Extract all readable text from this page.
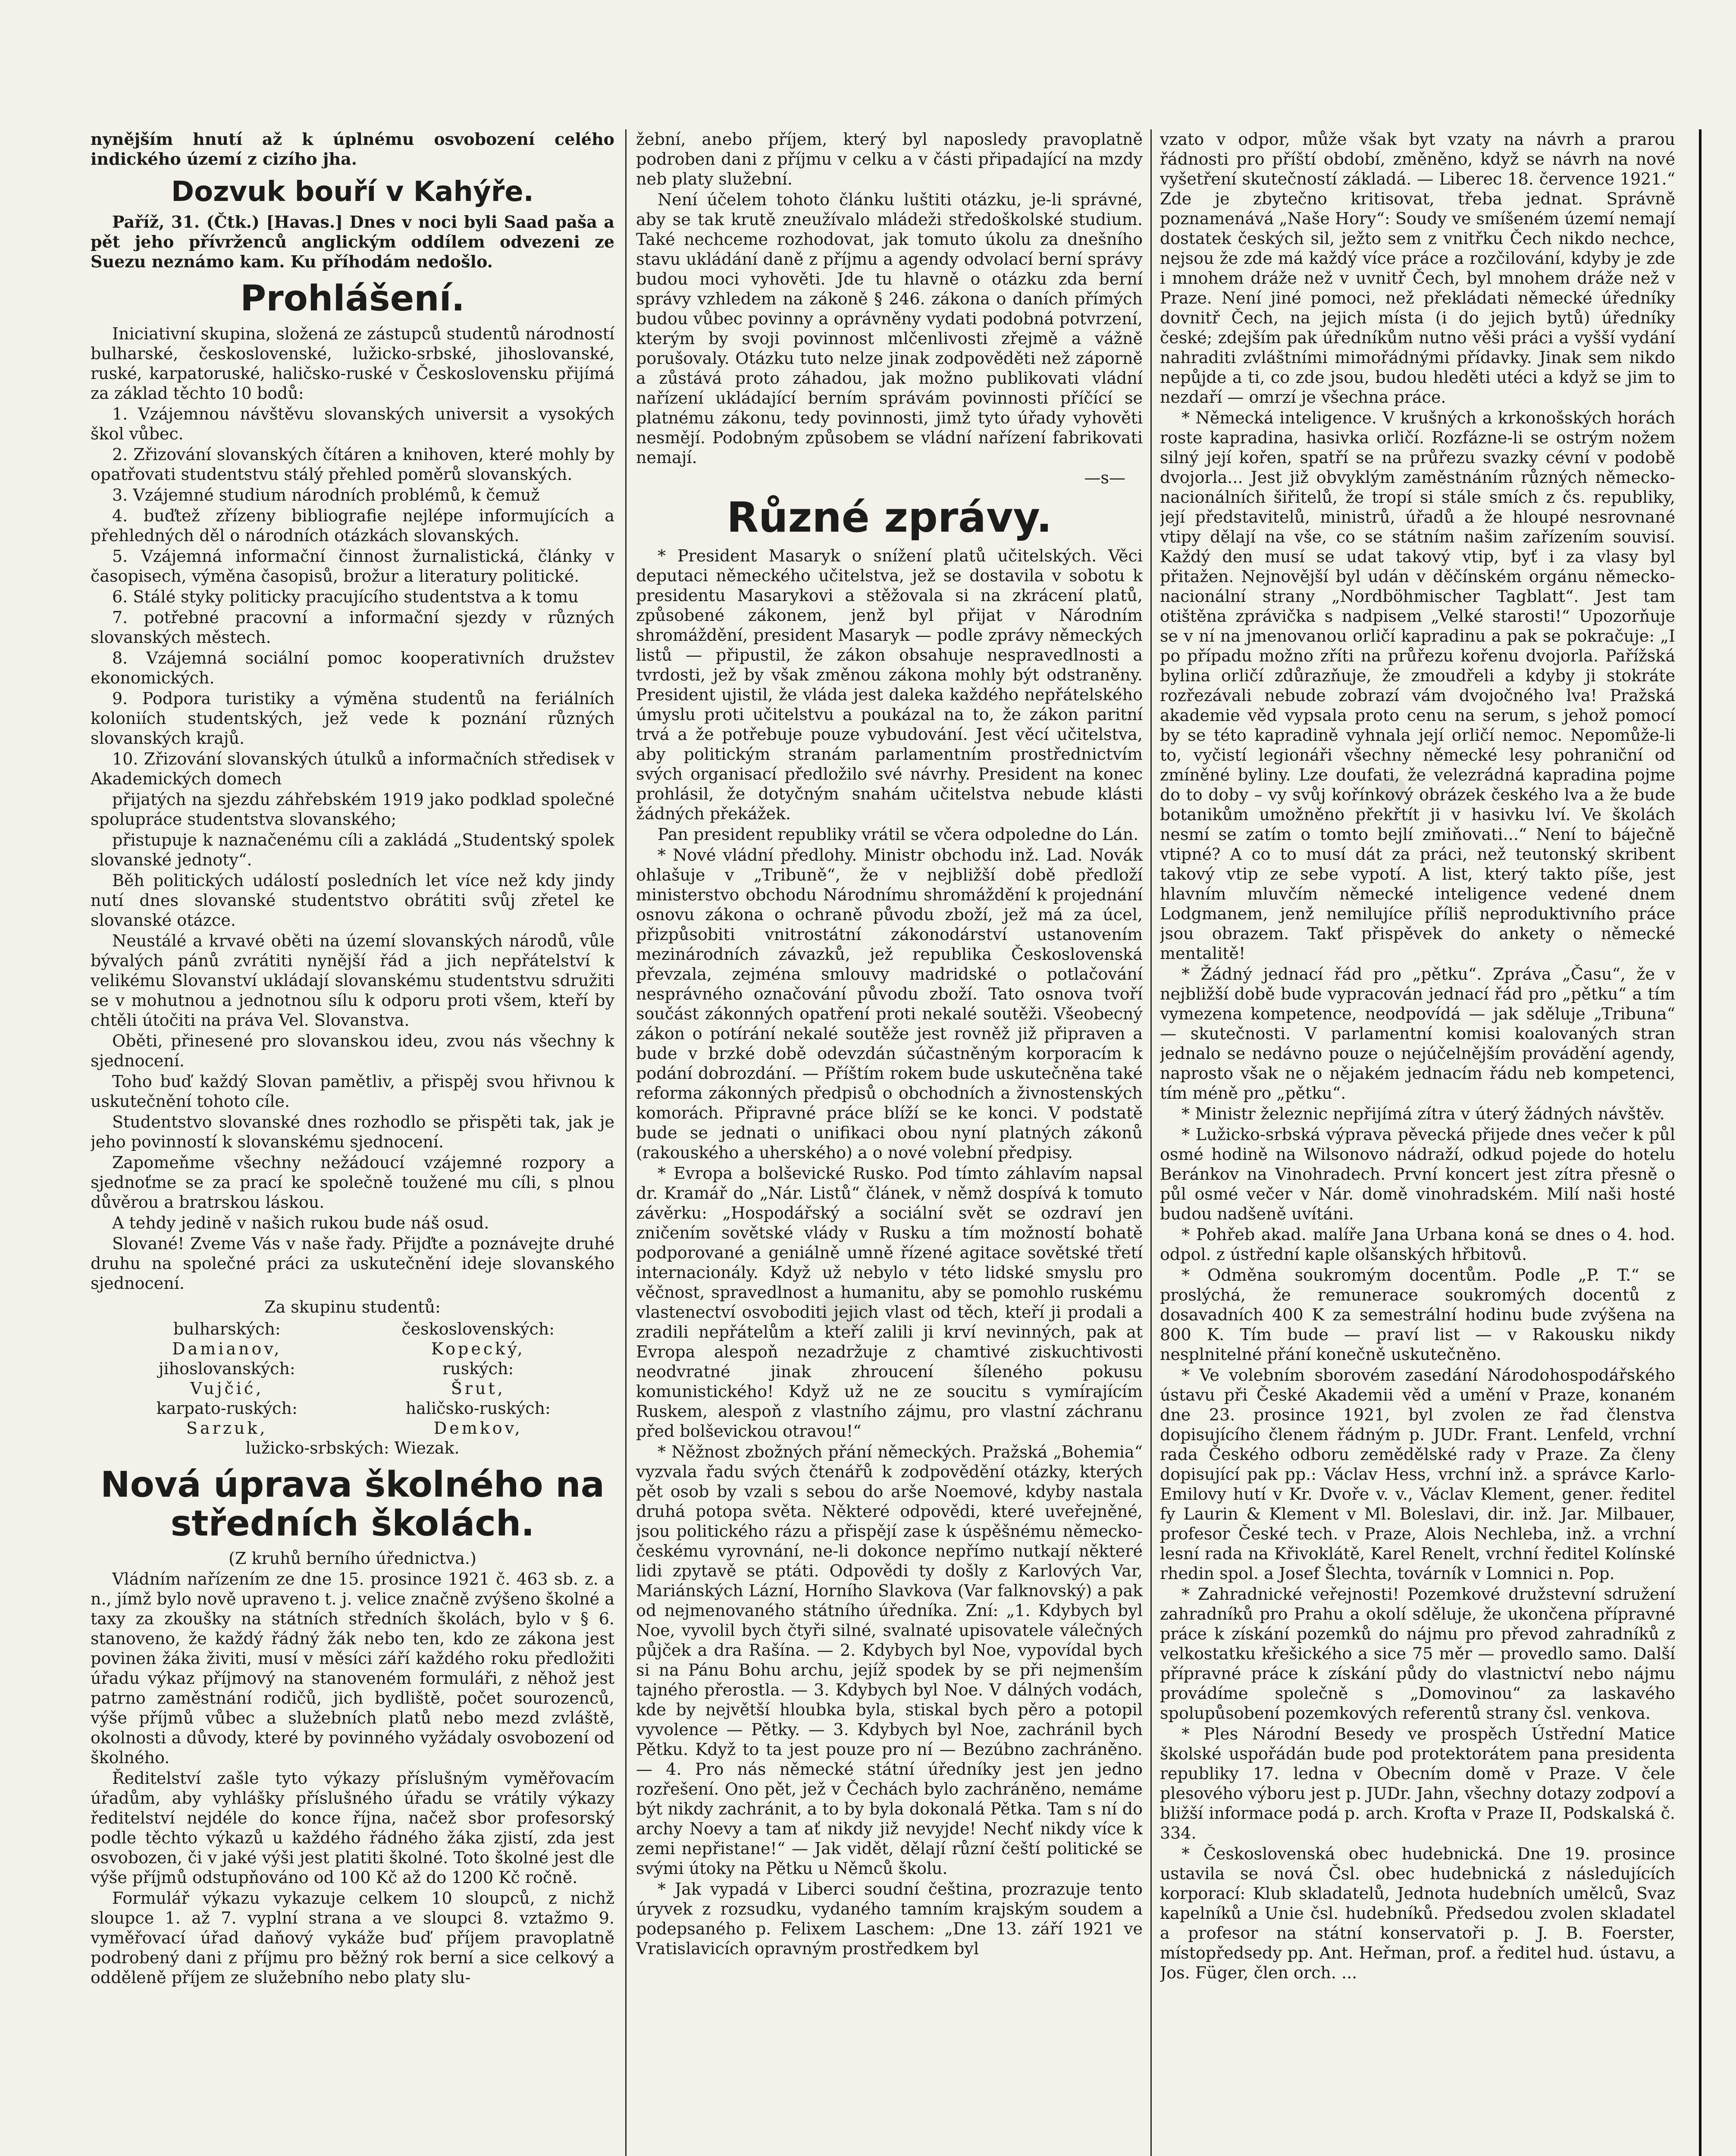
nynějším hnutí až k úplnému osvobození celého indického území z cizího jha.

Dozvuk bouří v Kahýře.

Paříž, 31. (Čtk.) [Havas.] Dnes v noci byli Saad paša a pět jeho přívrženců anglickým oddílem odvezeni ze Suezu neznámo kam. Ku příhodám nedošlo.

Prohlášení.

Iniciativní skupina, složená ze zástupců studentů národností bulharské, československé, lužicko-srbské, jihoslovanské, ruské, karpatoruské, haličsko-ruské v Československu přijímá za základ těchto 10 bodů:

1. Vzájemnou návštěvu slovanských universit a vysokých škol vůbec.

2. Zřizování slovanských čítáren a knihoven, které mohly by opatřovati studentstvu stálý přehled poměrů slovanských.

3. Vzájemné studium národních problémů, k čemuž

4. buďtež zřízeny bibliografie nejlépe informujících a přehledných děl o národních otázkách slovanských.

5. Vzájemná informační činnost žurnalistická, články v časopisech, výměna časopisů, brožur a literatury politické.

6. Stálé styky politicky pracujícího studentstva a k tomu

7. potřebné pracovní a informační sjezdy v různých slovanských městech.

8. Vzájemná sociální pomoc kooperativních družstev ekonomických.

9. Podpora turistiky a výměna studentů na feriálních koloniích studentských, jež vede k poznání různých slovanských krajů.

10. Zřizování slovanských útulků a informačních středisek v Akademických domech

přijatých na sjezdu záhřebském 1919 jako podklad společné spolupráce studentstva slovanského;

přistupuje k naznačenému cíli a zakládá „Studentský spolek slovanské jednoty“.

Běh politických událostí posledních let více než kdy jindy nutí dnes slovanské studentstvo obrátiti svůj zřetel ke slovanské otázce.

Neustálé a krvavé oběti na území slovanských národů, vůle bývalých pánů zvrátiti nynější řád a jich nepřátelství k velikému Slovanství ukládají slovanskému studentstvu sdružiti se v mohutnou a jednotnou sílu k odporu proti všem, kteří by chtěli útočiti na práva Vel. Slovanstva.

Oběti, přinesené pro slovanskou ideu, zvou nás všechny k sjednocení.

Toho buď každý Slovan pamětliv, a přispěj svou hřivnou k uskutečnění tohoto cíle.

Studentstvo slovanské dnes rozhodlo se přispěti tak, jak je jeho povinností k slovanskému sjednocení.

Zapomeňme všechny nežádoucí vzájemné rozpory a sjednoťme se za prací ke společně toužené mu cíli, s plnou důvěrou a bratrskou láskou.

A tehdy jedině v našich rukou bude náš osud.

Slované! Zveme Vás v naše řady. Přijďte a poznávejte druhé druhu na společné práci za uskutečnění ideje slovanského sjednocení.

Za skupinu studentů:
bulharských:	československých:
Damianov,	Kopecký,
jihoslovanských:	ruských:
Vujčić,	Šrut,
karpato-ruských:	haličsko-ruských:
Sarzuk,	Demkov,
lužicko-srbských: Wiezak.
Nová úprava školného na středních školách.

(Z kruhů berního úřednictva.)

Vládním nařízením ze dne 15. prosince 1921 č. 463 sb. z. a n., jímž bylo nově upraveno t. j. velice značně zvýšeno školné a taxy za zkoušky na státních středních školách, bylo v § 6. stanoveno, že každý řádný žák nebo ten, kdo ze zákona jest povinen žáka živiti, musí v měsíci září každého roku předložiti úřadu výkaz příjmový na stanoveném formuláři, z něhož jest patrno zaměstnání rodičů, jich bydliště, počet sourozenců, výše příjmů vůbec a služebních platů nebo mezd zvláště, okolnosti a důvody, které by povinného vyžádaly osvobození od školného.

Ředitelství zašle tyto výkazy příslušným vyměřovacím úřadům, aby vyhlášky příslušného úřadu se vrátily výkazy ředitelství nejdéle do konce října, načež sbor profesorský podle těchto výkazů u každého řádného žáka zjistí, zda jest osvobozen, či v jaké výši jest platiti školné. Toto školné jest dle výše příjmů odstupňováno od 100 Kč až do 1200 Kč ročně.

Formulář výkazu vykazuje celkem 10 sloupců, z nichž sloupce 1. až 7. vyplní strana a ve sloupci 8. vztažmo 9. vyměřovací úřad daňový vykáže buď příjem pravoplatně podrobený dani z příjmu pro běžný rok berní a sice celkový a odděleně příjem ze služebního nebo platy slu-

žební, anebo příjem, který byl naposledy pravoplatně podroben dani z příjmu v celku a v části připadající na mzdy neb platy služební.

Není účelem tohoto článku luštiti otázku, je-li správné, aby se tak krutě zneužívalo mládeži středoškolské studium. Také nechceme rozhodovat, jak tomuto úkolu za dnešního stavu ukládání daně z příjmu a agendy odvolací berní správy budou moci vyhověti. Jde tu hlavně o otázku zda berní správy vzhledem na zákoně § 246. zákona o daních přímých budou vůbec povinny a oprávněny vydati podobná potvrzení, kterým by svoji povinnost mlčenlivosti zřejmě a vážně porušovaly. Otázku tuto nelze jinak zodpověděti než záporně a zůstává proto záhadou, jak možno publikovati vládní nařízení ukládající berním správám povinnosti příčící se platnému zákonu, tedy povinnosti, jimž tyto úřady vyhověti nesmějí. Podobným způsobem se vládní nařízení fabrikovati nemají.

—s—
Různé zprávy.

* President Masaryk o snížení platů učitelských. Věci deputaci německého učitelstva, jež se dostavila v sobotu k presidentu Masarykovi a stěžovala si na zkrácení platů, způsobené zákonem, jenž byl přijat v Národním shromáždění, president Masaryk — podle zprávy německých listů — připustil, že zákon obsahuje nespravedlnosti a tvrdosti, jež by však změnou zákona mohly být odstraněny. President ujistil, že vláda jest daleka každého nepřátelského úmyslu proti učitelstvu a poukázal na to, že zákon paritní trvá a že potřebuje pouze vybudování. Jest věcí učitelstva, aby politickým stranám parlamentním prostřednictvím svých organisací předložilo své návrhy. President na konec prohlásil, že dotyčným snahám učitelstva nebude klásti žádných překážek.

Pan president republiky vrátil se včera odpoledne do Lán.

* Nové vládní předlohy. Ministr obchodu inž. Lad. Novák ohlašuje v „Tribuně“, že v nejbližší době předloží ministerstvo obchodu Národnímu shromáždění k projednání osnovu zákona o ochraně původu zboží, jež má za úcel, přizpůsobiti vnitrostátní zákonodárství ustanovením mezinárodních závazků, jež republika Československá převzala, zejména smlouvy madridské o potlačování nesprávného označování původu zboží. Tato osnova tvoří součást zákonných opatření proti nekalé soutěži. Všeobecný zákon o potírání nekalé soutěže jest rovněž již připraven a bude v brzké době odevzdán súčastněným korporacím k podání dobrozdání. — Příštím rokem bude uskutečněna také reforma zákonných předpisů o obchodních a živnostenských komorách. Připravné práce blíží se ke konci. V podstatě bude se jednati o unifikaci obou nyní platných zákonů (rakouského a uherského) a o nové volební předpisy.

* Evropa a bolševické Rusko. Pod tímto záhlavím napsal dr. Kramář do „Nár. Listů“ článek, v němž dospívá k tomuto závěrku: „Hospodářský a sociální svět se ozdraví jen zničením sovětské vlády v Rusku a tím možností bohatě podporované a geniálně umně řízené agitace sovětské třetí internacionály. Když už nebylo v této lidské smyslu pro věčnost, spravedlnost a humanitu, aby se pomohlo ruskému vlastenectví osvoboditi jejich vlast od těch, kteří ji prodali a zradili nepřátelům a kteří zalili ji krví nevinných, pak at Evropa alespoň nezadržuje z chamtivé ziskuchtivosti neodvratné jinak zhroucení šíleného pokusu komunistického! Když už ne ze soucitu s vymírajícím Ruskem, alespoň z vlastního zájmu, pro vlastní záchranu před bolševickou otravou!“

* Něžnost zbožných přání německých. Pražská „Bohemia“ vyzvala řadu svých čtenářů k zodpovědění otázky, kterých pět osob by vzali s sebou do arše Noemové, kdyby nastala druhá potopa světa. Některé odpovědi, které uveřejněné, jsou politického rázu a přispějí zase k úspěšnému německo-českému vyrovnání, ne-li dokonce nepřímo nutkají některé lidi zpytavě se ptáti. Odpovědi ty došly z Karlových Var, Mariánských Lázní, Horního Slavkova (Var falknovský) a pak od nejmenovaného státního úředníka. Zní: „1. Kdybych byl Noe, vyvolil bych čtyři silné, svalnaté upisovatele válečných půjček a dra Rašína. — 2. Kdybych byl Noe, vypovídal bych si na Pánu Bohu archu, jejíž spodek by se při nejmenším tajného přerostla. — 3. Kdybych byl Noe. V dálných vodách, kde by největší hloubka byla, stiskal bych pěro a potopil vyvolence — Pětky. — 3. Kdybych byl Noe, zachránil bych Pětku. Když to ta jest pouze pro ní — Bezúbno zachráněno. — 4. Pro nás německé státní úředníky jest jen jedno rozřešení. Ono pět, jež v Čechách bylo zachráněno, nemáme být nikdy zachránit, a to by byla dokonalá Pětka. Tam s ní do archy Noevy a tam ať nikdy již nevyjde! Nechť nikdy více k zemi nepřistane!“ — Jak vidět, dělají různí čeští politické se svými útoky na Pětku u Němců školu.

* Jak vypadá v Liberci soudní čeština, prozrazuje tento úryvek z rozsudku, vydaného tamním krajským soudem a podepsaného p. Felixem Laschem: „Dne 13. září 1921 ve Vratislavicích opravným prostředkem byl

vzato v odpor, může však byt vzaty na návrh a prarou řádnosti pro příští období, změněno, když se návrh na nové vyšetření skutečností základá. — Liberec 18. července 1921.“ Zde je zbytečno kritisovat, třeba jednat. Správně poznamenává „Naše Hory“: Soudy ve smíšeném území nemají dostatek českých sil, ježto sem z vnitřku Čech nikdo nechce, nejsou že zde má každý více práce a rozčilování, kdyby je zde i mnohem dráže než v uvnitř Čech, byl mnohem dráže než v Praze. Není jiné pomoci, než překládati německé úředníky dovnitř Čech, na jejich místa (i do jejich bytů) úředníky české; zdejším pak úředníkům nutno věši práci a vyšší vydání nahraditi zvláštními mimořádnými přídavky. Jinak sem nikdo nepůjde a ti, co zde jsou, budou hleděti utéci a když se jim to nezdaří — omrzí je všechna práce.

* Německá inteligence. V krušných a krkonošských horách roste kapradina, hasivka orličí. Rozfázne-li se ostrým nožem silný její kořen, spatří se na průřezu svazky cévní v podobě dvojorla... Jest již obvyklým zaměstnáním různých německo-nacionálních šiřitelů, že tropí si stále smích z čs. republiky, její představitelů, ministrů, úřadů a že hloupé nesrovnané vtipy dělají na vše, co se státním našim zařízením souvisí. Každý den musí se udat takový vtip, byť i za vlasy byl přitažen. Nejnovější byl udán v děčínském orgánu německo-nacionální strany „Nordböhmischer Tagblatt“. Jest tam otištěna zprávička s nadpisem „Velké starosti!“ Upozorňuje se v ní na jmenovanou orličí kapradinu a pak se pokračuje: „I po případu možno zříti na průřezu kořenu dvojorla. Pařížská bylina orličí zdůrazňuje, že zmoudřeli a kdyby ji stokráte rozřezávali nebude zobrazí vám dvojočného lva! Pražská akademie věd vypsala proto cenu na serum, s jehož pomocí by se této kapradině vyhnala její orličí nemoc. Nepomůže-li to, vyčistí legionáři všechny německé lesy pohraniční od zmíněné byliny. Lze doufati, že velezrádná kapradina pojme do to doby – vy svůj kořínkový obrázek českého lva a že bude botanikům umožněno překřtít ji v hasivku lví. Ve školách nesmí se zatím o tomto bejlí zmiňovati...“ Není to báječně vtipné? A co to musí dát za práci, než teutonský skribent takový vtip ze sebe vypotí. A list, který takto píše, jest hlavním mluvčím německé inteligence vedené dnem Lodgmanem, jenž nemilujíce příliš neproduktivního práce jsou obrazem. Takť přispěvek do ankety o německé mentalitě!

* Žádný jednací řád pro „pětku“. Zpráva „Času“, že v nejbližší době bude vypracován jednací řád pro „pětku“ a tím vymezena kompetence, neodpovídá — jak sděluje „Tribuna“ — skutečnosti. V parlamentní komisi koalovaných stran jednalo se nedávno pouze o nejúčelnějším provádění agendy, naprosto však ne o nějakém jednacím řádu neb kompetenci, tím méně pro „pětku“.

* Ministr železnic nepřijímá zítra v úterý žádných návštěv.

* Lužicko-srbská výprava pěvecká přijede dnes večer k půl osmé hodině na Wilsonovo nádraží, odkud pojede do hotelu Beránkov na Vinohradech. První koncert jest zítra přesně o půl osmé večer v Nár. domě vinohradském. Milí naši hosté budou nadšeně uvítáni.

* Pohřeb akad. malíře Jana Urbana koná se dnes o 4. hod. odpol. z ústřední kaple olšanských hřbitovů.

* Odměna soukromým docentům. Podle „P. T.“ se proslýchá, že remunerace soukromých docentů z dosavadních 400 K za semestrální hodinu bude zvýšena na 800 K. Tím bude — praví list — v Rakousku nikdy nesplnitelné přání konečně uskutečněno.

* Ve volebním sborovém zasedání Národohospodářského ústavu při České Akademii věd a umění v Praze, konaném dne 23. prosince 1921, byl zvolen ze řad členstva dopisujícího členem řádným p. JUDr. Frant. Lenfeld, vrchní rada Českého odboru zemědělské rady v Praze. Za členy dopisující pak pp.: Václav Hess, vrchní inž. a správce Karlo-Emilovy hutí v Kr. Dvoře v. v., Václav Klement, gener. ředitel fy Laurin & Klement v Ml. Boleslavi, dir. inž. Jar. Milbauer, profesor České tech. v Praze, Alois Nechleba, inž. a vrchní lesní rada na Křivoklátě, Karel Renelt, vrchní ředitel Kolínské rhedin spol. a Josef Šlechta, továrník v Lomnici n. Pop.

* Zahradnické veřejnosti! Pozemkové družstevní sdružení zahradníků pro Prahu a okolí sděluje, že ukončena přípravné práce k získání pozemků do nájmu pro převod zahradníků z velkostatku křešického a sice 75 měr — provedlo samo. Další přípravné práce k získání půdy do vlastnictví nebo nájmu provádíme společně s „Domovinou“ za laskavého spolupůsobení pozemkových referentů strany čsl. venkova.

* Ples Národní Besedy ve prospěch Ústřední Matice školské uspořádán bude pod protektorátem pana presidenta republiky 17. ledna v Obecním domě v Praze. V čele plesového výboru jest p. JUDr. Jahn, všechny dotazy zodpoví a bližší informace podá p. arch. Krofta v Praze II, Podskalská č. 334.

* Československá obec hudebnická. Dne 19. prosince ustavila se nová Čsl. obec hudebnická z následujících korporací: Klub skladatelů, Jednota hudebních umělců, Svaz kapelníků a Unie čsl. hudebníků. Předsedou zvolen skladatel a profesor na státní konservatoři p. J. B. Foerster, místopředsedy pp. Ant. Heřman, prof. a ředitel hud. ústavu, a Jos. Füger, člen orch. ...
